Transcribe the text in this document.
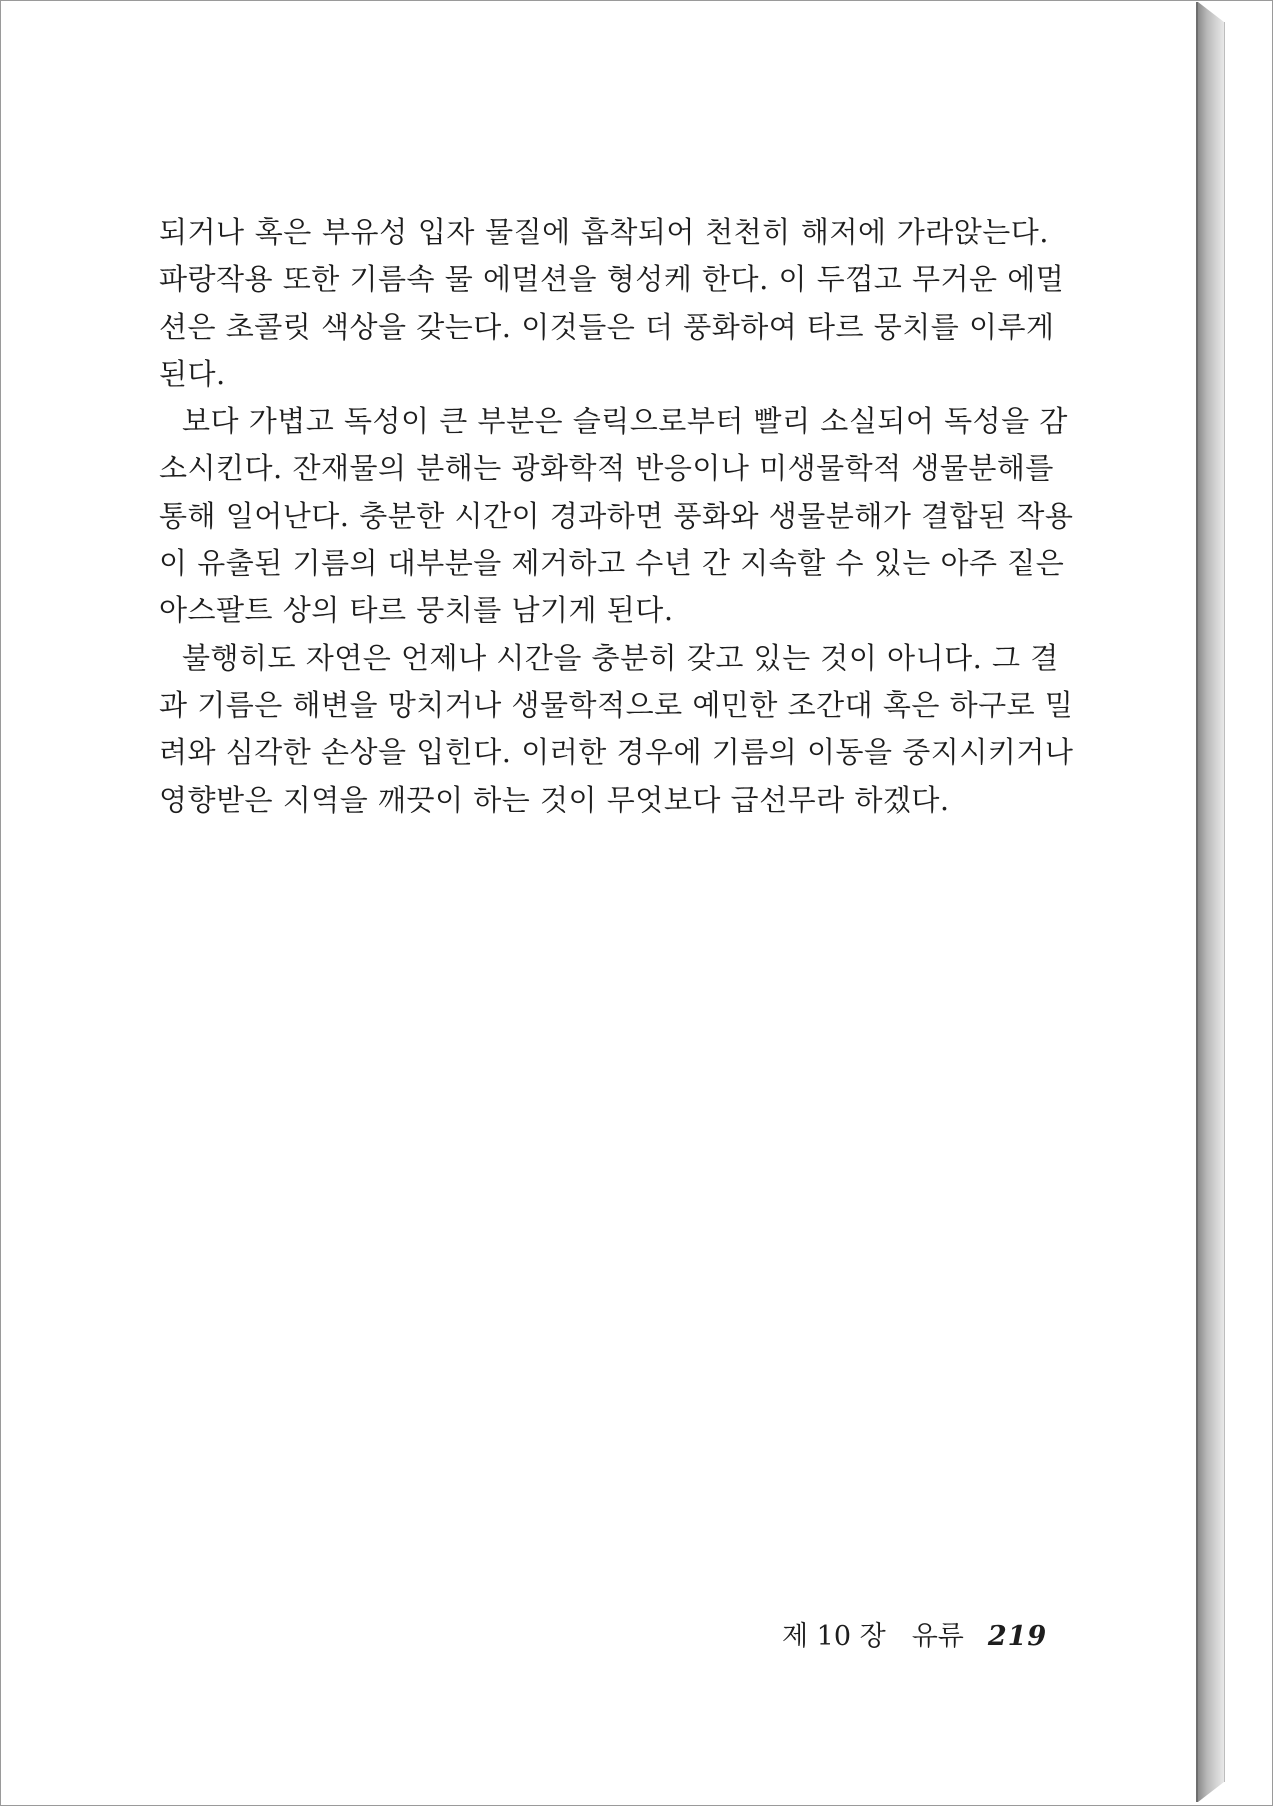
되거나 혹은 부유성 입자 물질에 흡착되어 천천히 해저에 가라앉는다.
파랑작용 또한 기름속 물 에멀션을 형성케 한다. 이 두껍고 무거운 에멀
션은 초콜릿 색상을 갖는다. 이것들은 더 풍화하여 타르 뭉치를 이루게
된다.
보다 가볍고 독성이 큰 부분은 슬릭으로부터 빨리 소실되어 독성을 감
소시킨다. 잔재물의 분해는 광화학적 반응이나 미생물학적 생물분해를
통해 일어난다. 충분한 시간이 경과하면 풍화와 생물분해가 결합된 작용
이 유출된 기름의 대부분을 제거하고 수년 간 지속할 수 있는 아주 짙은
아스팔트 상의 타르 뭉치를 남기게 된다.
불행히도 자연은 언제나 시간을 충분히 갖고 있는 것이 아니다. 그 결
과 기름은 해변을 망치거나 생물학적으로 예민한 조간대 혹은 하구로 밀
려와 심각한 손상을 입힌다. 이러한 경우에 기름의 이동을 중지시키거나
영향받은 지역을 깨끗이 하는 것이 무엇보다 급선무라 하겠다.
제 10 장 유류 219
